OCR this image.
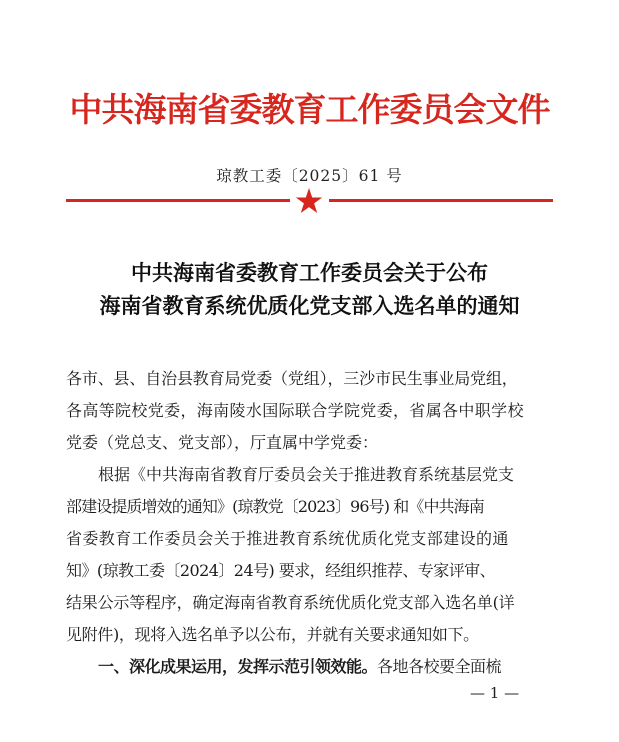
中共海南省委教育工作委员会文件
琼教工委〔2025〕61 号
中共海南省委教育工作委员会关于公布
海南省教育系统优质化党支部入选名单的通知
各市、县、自治县教育局党委（党组），三沙市民生事业局党组，
各高等院校党委，海南陵水国际联合学院党委，省属各中职学校
党委（党总支、党支部），厅直属中学党委：
根据《中共海南省教育厅委员会关于推进教育系统基层党支
部建设提质增效的通知》(琼教党〔2023〕96号) 和《中共海南
省委教育工作委员会关于推进教育系统优质化党支部建设的通
知》(琼教工委〔2024〕24号) 要求，经组织推荐、专家评审、
结果公示等程序，确定海南省教育系统优质化党支部入选名单(详
见附件)，现将入选名单予以公布，并就有关要求通知如下。
一、深化成果运用，发挥示范引领效能。各地各校要全面梳
— 1 —
